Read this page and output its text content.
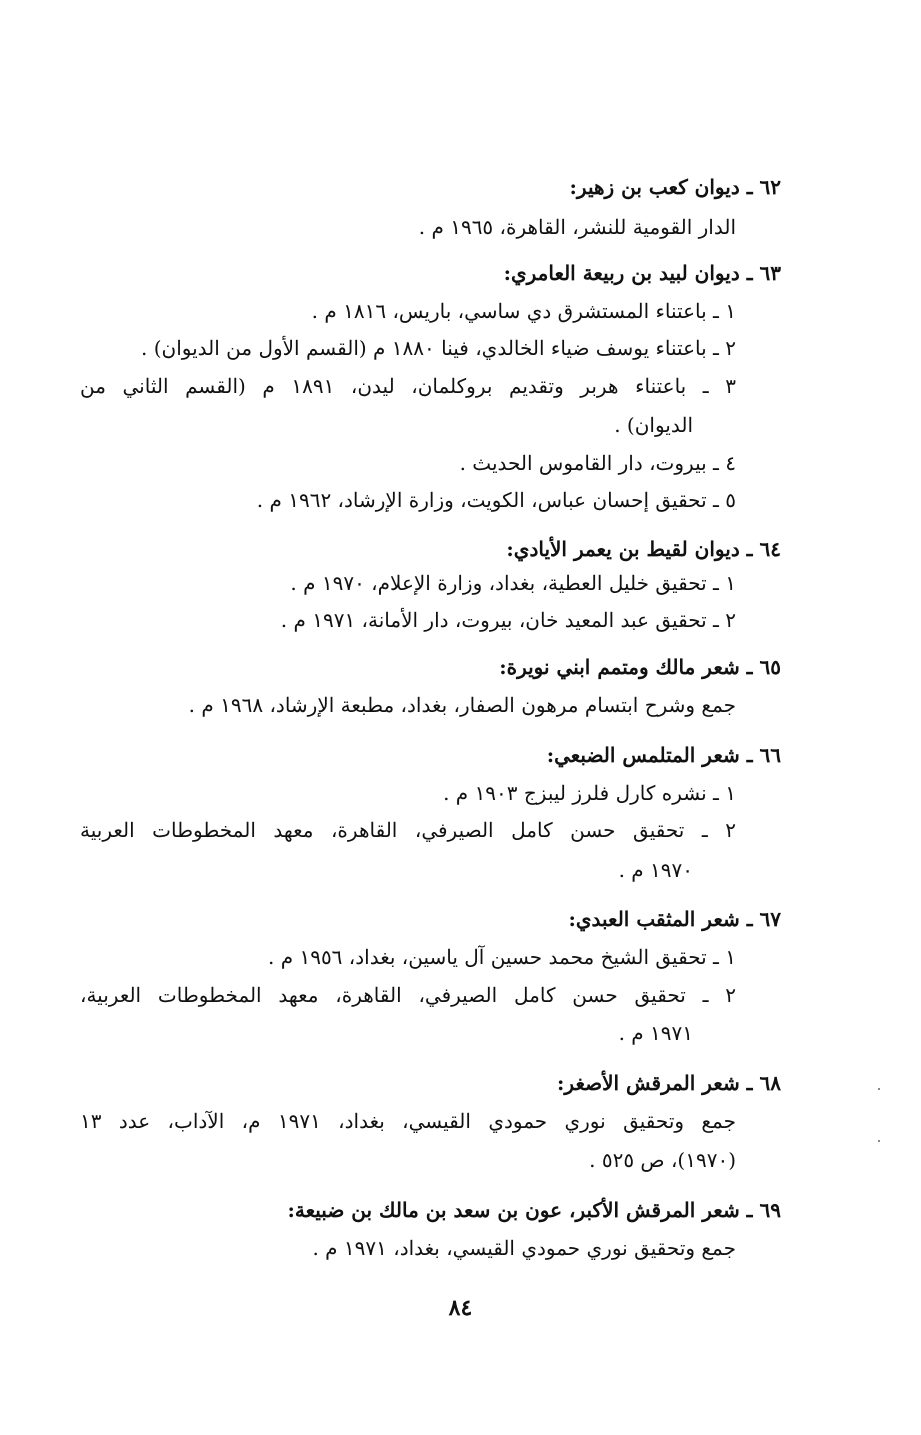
٦٢ ـ ديوان كعب بن زهير:
الدار القومية للنشر، القاهرة، ١٩٦٥ م .
٦٣ ـ ديوان لبيد بن ربيعة العامري:
١ ـ باعتناء المستشرق دي ساسي، باريس، ١٨١٦ م .
٢ ـ باعتناء يوسف ضياء الخالدي، فينا ١٨٨٠ م (القسم الأول من الديوان) .
٣ ـ باعتناء هربر وتقديم بروكلمان، ليدن، ١٨٩١ م (القسم الثاني من
الديوان) .
٤ ـ بيروت، دار القاموس الحديث .
٥ ـ تحقيق إحسان عباس، الكويت، وزارة الإرشاد، ١٩٦٢ م .
٦٤ ـ ديوان لقيط بن يعمر الأيادي:
١ ـ تحقيق خليل العطية، بغداد، وزارة الإعلام، ١٩٧٠ م .
٢ ـ تحقيق عبد المعيد خان، بيروت، دار الأمانة، ١٩٧١ م .
٦٥ ـ شعر مالك ومتمم ابني نويرة:
جمع وشرح ابتسام مرهون الصفار، بغداد، مطبعة الإرشاد، ١٩٦٨ م .
٦٦ ـ شعر المتلمس الضبعي:
١ ـ نشره كارل فلرز ليبزج ١٩٠٣ م .
٢ ـ تحقيق حسن كامل الصيرفي، القاهرة، معهد المخطوطات العربية
١٩٧٠ م .
٦٧ ـ شعر المثقب العبدي:
١ ـ تحقيق الشيخ محمد حسين آل ياسين، بغداد، ١٩٥٦ م .
٢ ـ تحقيق حسن كامل الصيرفي، القاهرة، معهد المخطوطات العربية،
١٩٧١ م .
٦٨ ـ شعر المرقش الأصغر:
جمع وتحقيق نوري حمودي القيسي، بغداد، ١٩٧١ م، الآداب، عدد ١٣
(١٩٧٠)، ص ٥٢٥ .
٦٩ ـ شعر المرقش الأكبر، عون بن سعد بن مالك بن ضبيعة:
جمع وتحقيق نوري حمودي القيسي، بغداد، ١٩٧١ م .
٨٤
